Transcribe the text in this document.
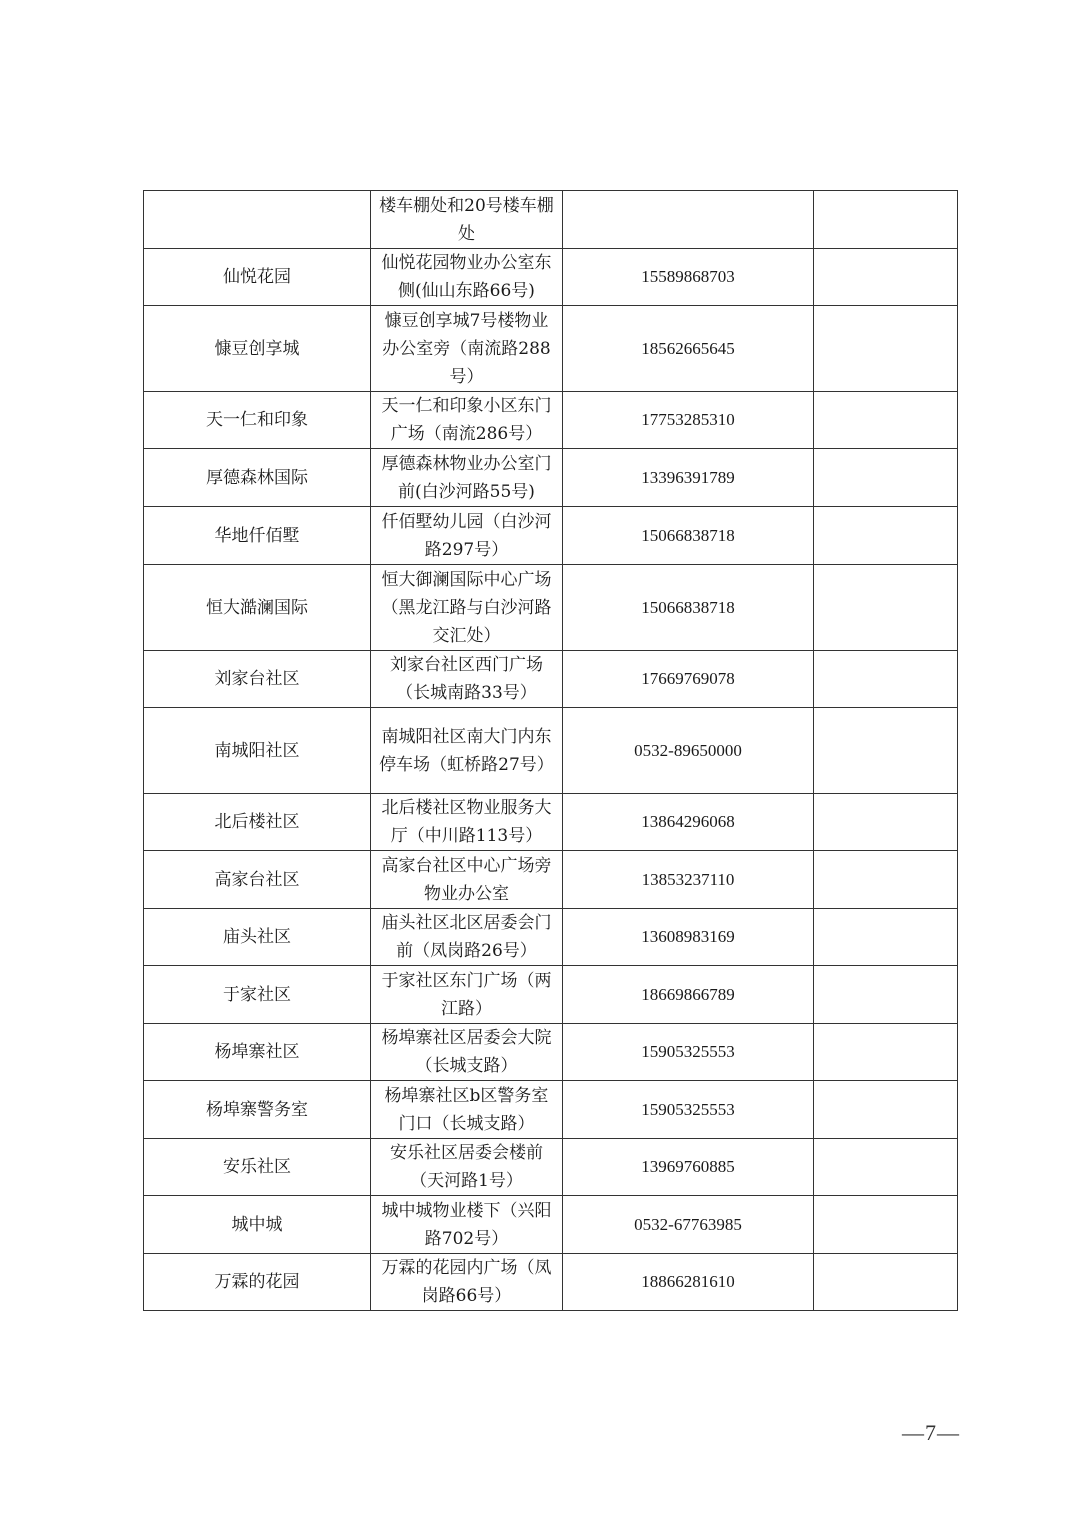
	楼车棚处和20号楼车棚处		
仙悦花园	仙悦花园物业办公室东侧(仙山东路66号)	15589868703	
慷豆创享城	慷豆创享城7号楼物业办公室旁（南流路288号）	18562665645	
天一仁和印象	天一仁和印象小区东门广场（南流286号）	17753285310	
厚德森林国际	厚德森林物业办公室门前(白沙河路55号)	13396391789	
华地仟佰墅	仟佰墅幼儿园（白沙河路297号）	15066838718	
恒大澔澜国际	恒大御澜国际中心广场（黑龙江路与白沙河路交汇处）	15066838718	
刘家台社区	刘家台社区西门广场（长城南路33号）	17669769078	
南城阳社区	南城阳社区南大门内东停车场（虹桥路27号）	0532-89650000	
北后楼社区	北后楼社区物业服务大厅（中川路113号）	13864296068	
高家台社区	高家台社区中心广场旁物业办公室	13853237110	
庙头社区	庙头社区北区居委会门前（凤岗路26号）	13608983169	
于家社区	于家社区东门广场（两江路）	18669866789	
杨埠寨社区	杨埠寨社区居委会大院（长城支路）	15905325553	
杨埠寨警务室	杨埠寨社区b区警务室门口（长城支路）	15905325553	
安乐社区	安乐社区居委会楼前（天河路1号）	13969760885	
城中城	城中城物业楼下（兴阳路702号）	0532-67763985	
万霖的花园	万霖的花园内广场（凤岗路66号）	18866281610	
—7—
